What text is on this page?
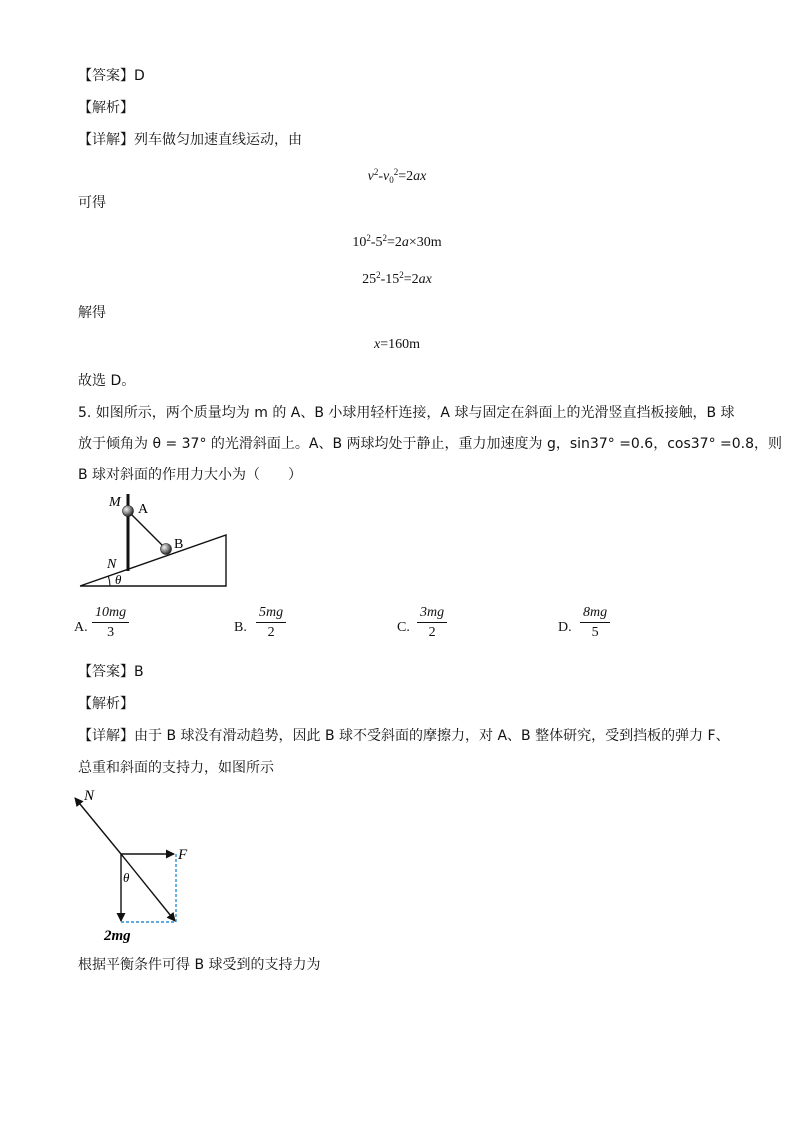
【答案】D
【解析】
【详解】列车做匀加速直线运动，由
$v^2-v_0^2=2ax$
可得
$10^2-5^2=2a\times 30m$
$25^2-15^2=2ax$
解得
x=160m
故选 D。
5. 如图所示，两个质量均为 m 的 A、B 小球用轻杆连接，A 球与固定在斜面上的光滑竖直挡板接触，B 球
放于倾角为 θ = 37° 的光滑斜面上。A、B 两球均处于静止，重力加速度为 g，sin37° =0.6，cos37° =0.8，则
B 球对斜面的作用力大小为（　　）
M A
B
N
θ
A. $\frac{10mg}{3}$	B. $\frac{5mg}{2}$	C. $\frac{3mg}{2}$	D. $\frac{8mg}{5}$
【答案】B
【解析】
【详解】由于 B 球没有滑动趋势，因此 B 球不受斜面的摩擦力，对 A、B 整体研究，受到挡板的弹力 F、
总重和斜面的支持力，如图所示
N
F
θ
2mg
根据平衡条件可得 B 球受到的支持力为
